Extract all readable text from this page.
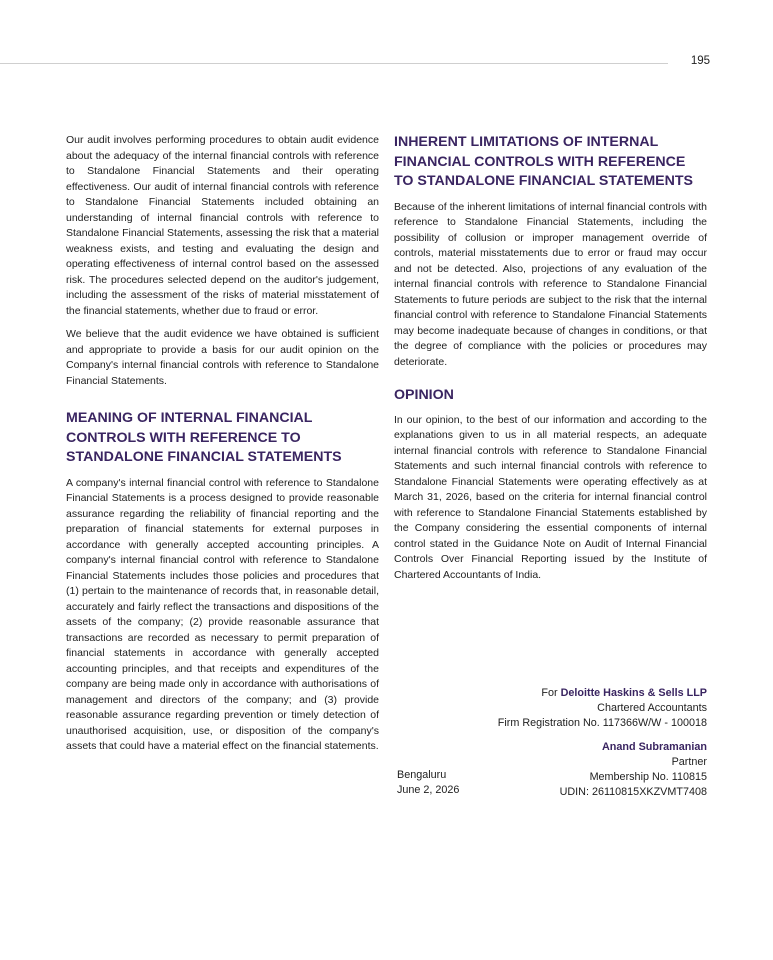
195

Our audit involves performing procedures to obtain audit evidence about the adequacy of the internal financial controls with reference to Standalone Financial Statements and their operating effectiveness. Our audit of internal financial controls with reference to Standalone Financial Statements included obtaining an understanding of internal financial controls with reference to Standalone Financial Statements, assessing the risk that a material weakness exists, and testing and evaluating the design and operating effectiveness of internal control based on the assessed risk. The procedures selected depend on the auditor's judgement, including the assessment of the risks of material misstatement of the financial statements, whether due to fraud or error.

We believe that the audit evidence we have obtained is sufficient and appropriate to provide a basis for our audit opinion on the Company's internal financial controls with reference to Standalone Financial Statements.

MEANING OF INTERNAL FINANCIAL CONTROLS WITH REFERENCE TO STANDALONE FINANCIAL STATEMENTS

A company's internal financial control with reference to Standalone Financial Statements is a process designed to provide reasonable assurance regarding the reliability of financial reporting and the preparation of financial statements for external purposes in accordance with generally accepted accounting principles. A company's internal financial control with reference to Standalone Financial Statements includes those policies and procedures that (1) pertain to the maintenance of records that, in reasonable detail, accurately and fairly reflect the transactions and dispositions of the assets of the company; (2) provide reasonable assurance that transactions are recorded as necessary to permit preparation of financial statements in accordance with generally accepted accounting principles, and that receipts and expenditures of the company are being made only in accordance with authorisations of management and directors of the company; and (3) provide reasonable assurance regarding prevention or timely detection of unauthorised acquisition, use, or disposition of the company's assets that could have a material effect on the financial statements.

INHERENT LIMITATIONS OF INTERNAL FINANCIAL CONTROLS WITH REFERENCE TO STANDALONE FINANCIAL STATEMENTS

Because of the inherent limitations of internal financial controls with reference to Standalone Financial Statements, including the possibility of collusion or improper management override of controls, material misstatements due to error or fraud may occur and not be detected. Also, projections of any evaluation of the internal financial controls with reference to Standalone Financial Statements to future periods are subject to the risk that the internal financial control with reference to Standalone Financial Statements may become inadequate because of changes in conditions, or that the degree of compliance with the policies or procedures may deteriorate.

OPINION

In our opinion, to the best of our information and according to the explanations given to us in all material respects, an adequate internal financial controls with reference to Standalone Financial Statements and such internal financial controls with reference to Standalone Financial Statements were operating effectively as at March 31, 2026, based on the criteria for internal financial control with reference to Standalone Financial Statements established by the Company considering the essential components of internal control stated in the Guidance Note on Audit of Internal Financial Controls Over Financial Reporting issued by the Institute of Chartered Accountants of India.

For Deloitte Haskins & Sells LLP
Chartered Accountants
Firm Registration No. 117366W/W - 100018
Anand Subramanian
Partner
Membership No. 110815
UDIN: 26110815XKZVMT7408
Bengaluru
June 2, 2026
